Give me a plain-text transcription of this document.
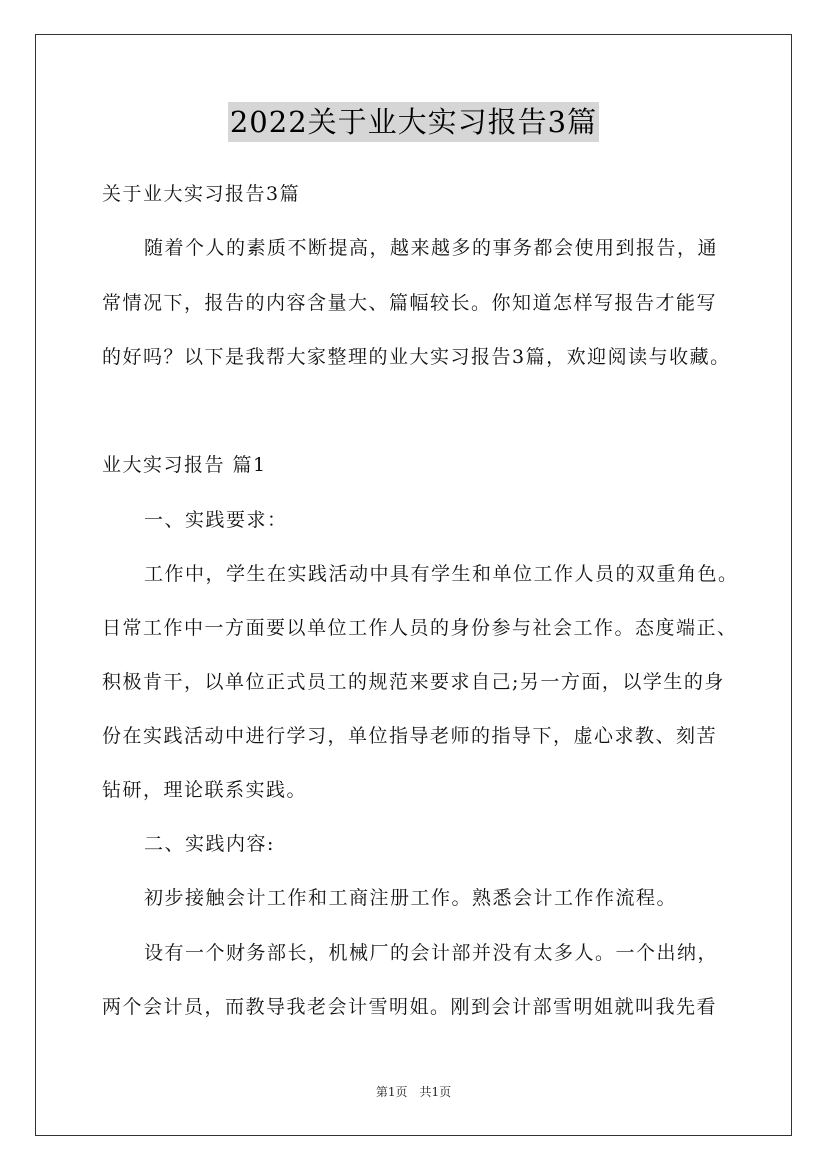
2022关于业大实习报告3篇
关于业大实习报告3篇
随着个人的素质不断提高，越来越多的事务都会使用到报告，通
常情况下，报告的内容含量大、篇幅较长。你知道怎样写报告才能写
的好吗？以下是我帮大家整理的业大实习报告3篇，欢迎阅读与收藏。
业大实习报告 篇1
一、实践要求：
工作中，学生在实践活动中具有学生和单位工作人员的双重角色。
日常工作中一方面要以单位工作人员的身份参与社会工作。态度端正、
积极肯干，以单位正式员工的规范来要求自己;另一方面，以学生的身
份在实践活动中进行学习，单位指导老师的指导下，虚心求教、刻苦
钻研，理论联系实践。
二、实践内容:
初步接触会计工作和工商注册工作。熟悉会计工作作流程。
设有一个财务部长，机械厂的会计部并没有太多人。一个出纳，
两个会计员，而教导我老会计雪明姐。刚到会计部雪明姐就叫我先看
第1页　共1页
